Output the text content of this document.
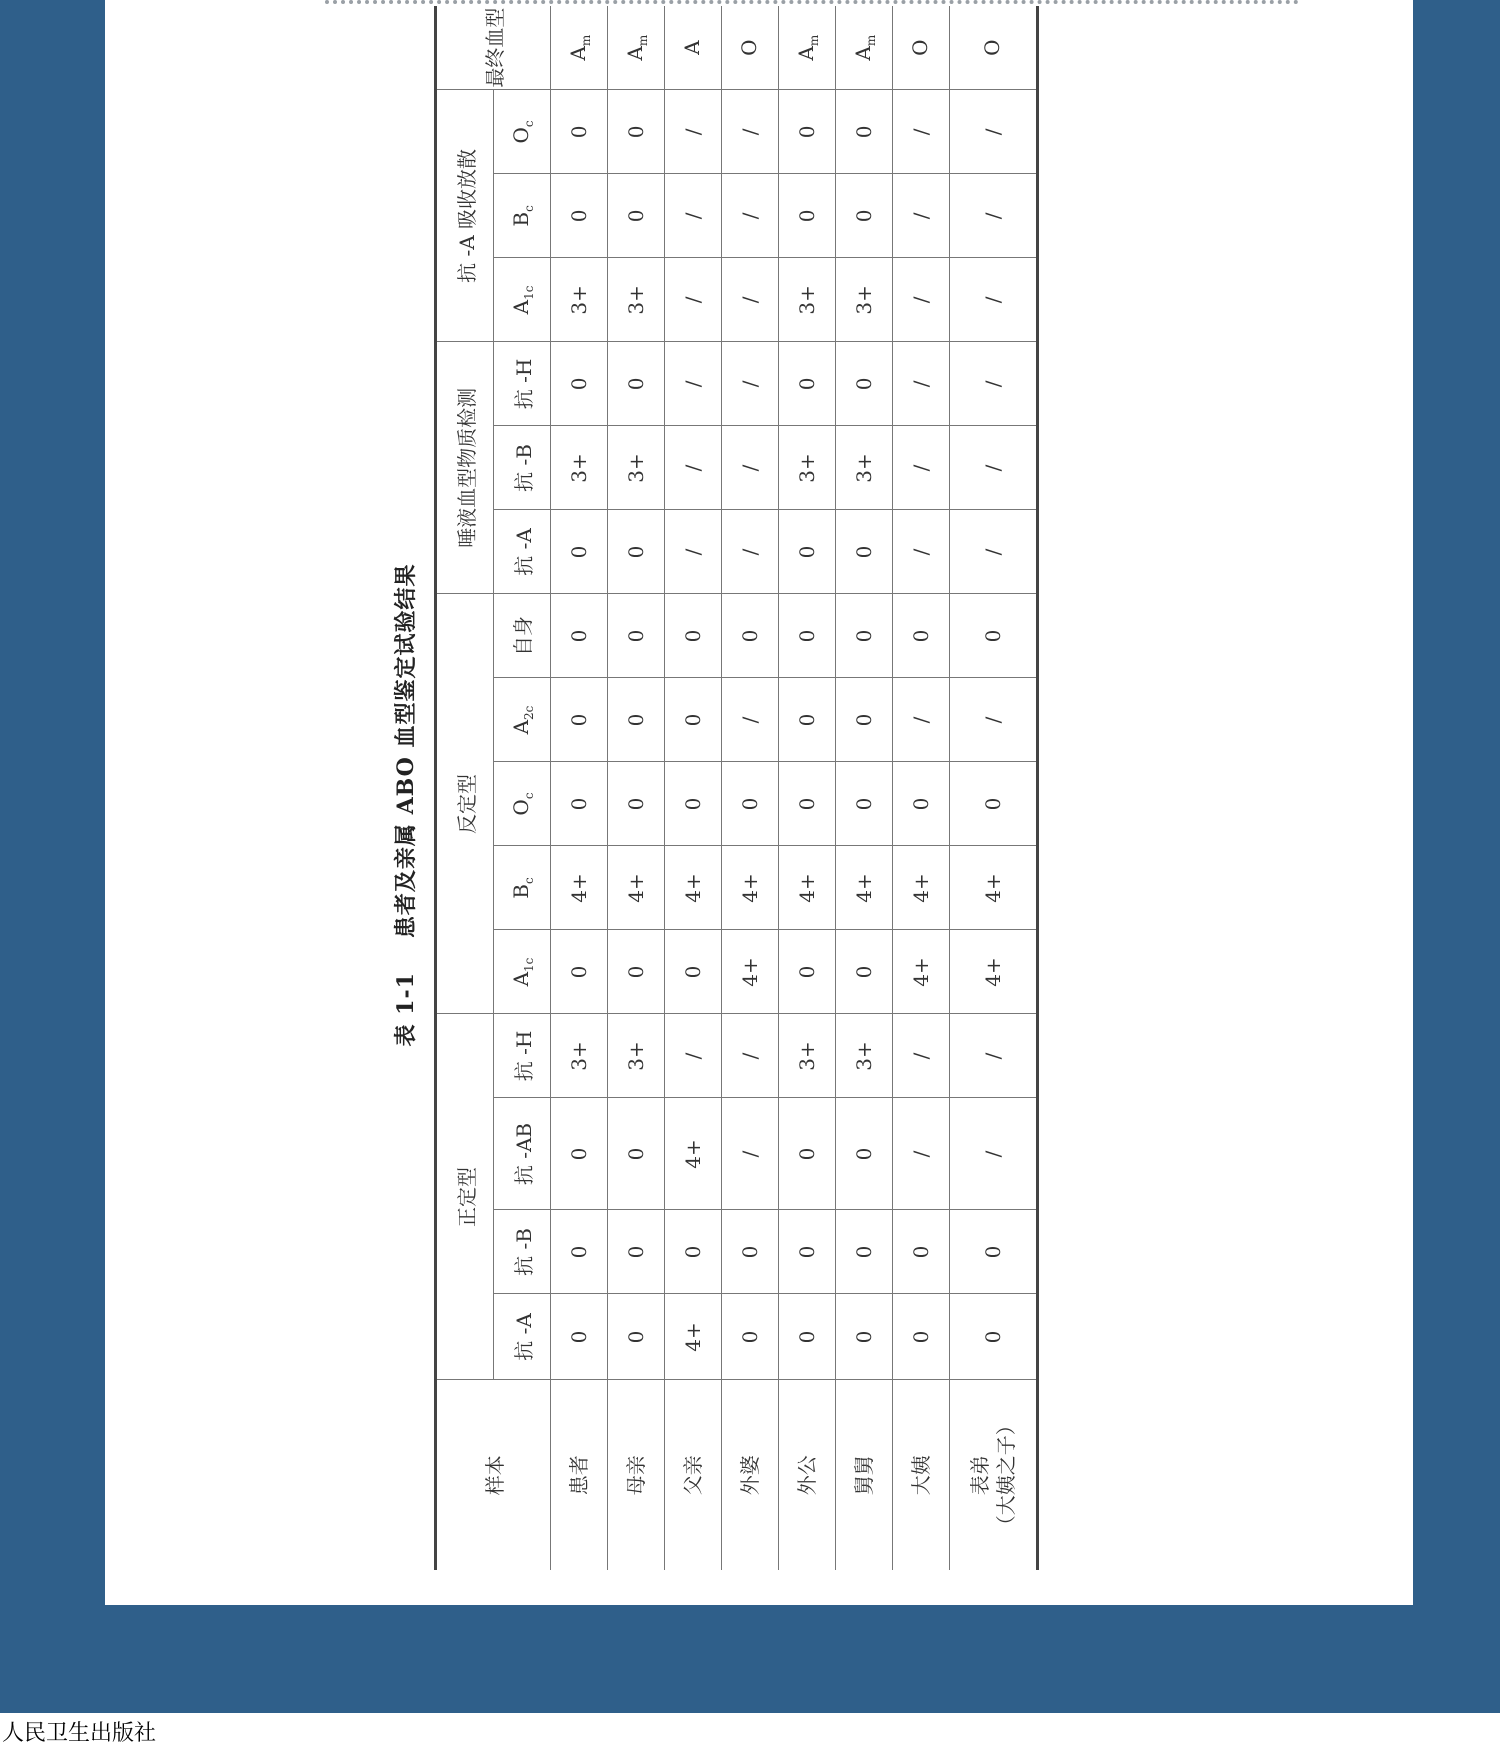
表 1-1患者及亲属 ABO 血型鉴定试验结果
样本	正定型				反定型					唾液血型物质检测			抗 -A 吸收放散			最终血型
	抗 -A	抗 -B	抗 -AB	抗 -H	$A_{1c}$	$B_c$	$O_c$	$A_{2c}$	自身	抗 -A	抗 -B	抗 -H	$A_{1c}$	$B_c$	$O_c$

患者	0	0	0	3+	0	4+	0	0	0	0	3+	0	3+	0	0	$A_m$

母亲	0	0	0	3+	0	4+	0	0	0	0	3+	0	3+	0	0	$A_m$

父亲	4+	0	4+	/	0	4+	0	0	0	/	/	/	/	/	/	A

外婆	0	0	/	/	4+	4+	0	/	0	/	/	/	/	/	/	O

外公	0	0	0	3+	0	4+	0	0	0	0	3+	0	3+	0	0	$A_m$

舅舅	0	0	0	3+	0	4+	0	0	0	0	3+	0	3+	0	0	$A_m$

大姨	0	0	/	/	4+	4+	0	/	0	/	/	/	/	/	/	O

表弟 （大姨之子）	0	0	/	/	4+	4+	0	/	0	/	/	/	/	/	/	O
人民卫生出版社
